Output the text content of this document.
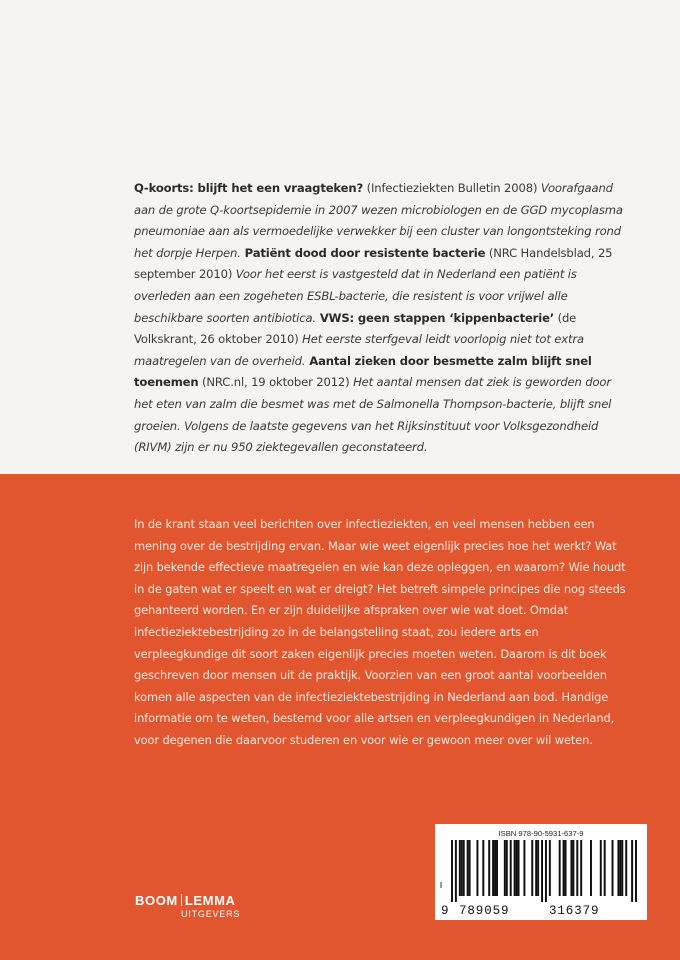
Q-koorts: blijft het een vraagteken? (Infectieziekten Bulletin 2008) Voorafgaand aan de grote Q-koortsepidemie in 2007 wezen microbiologen en de GGD mycoplasma pneumoniae aan als vermoedelijke verwekker bij een cluster van longontsteking rond het dorpje Herpen. Patiënt dood door resistente bacterie (NRC Handelsblad, 25 september 2010) Voor het eerst is vastgesteld dat in Nederland een patiënt is overleden aan een zogeheten ESBL-bacterie, die resistent is voor vrijwel alle beschikbare soorten antibiotica. VWS: geen stappen ‘kippenbacterie’ (de Volkskrant, 26 oktober 2010) Het eerste sterfgeval leidt voorlopig niet tot extra maatregelen van de overheid. Aantal zieken door besmette zalm blijft snel toenemen (NRC.nl, 19 oktober 2012) Het aantal mensen dat ziek is geworden door het eten van zalm die besmet was met de Salmonella Thompson-bacterie, blijft snel groeien. Volgens de laatste gegevens van het Rijksinstituut voor Volksgezondheid (RIVM) zijn er nu 950 ziektegevallen geconstateerd.
In de krant staan veel berichten over infectieziekten, en veel mensen hebben een mening over de bestrijding ervan. Maar wie weet eigenlijk precies hoe het werkt? Wat zijn bekende effectieve maatregelen en wie kan deze opleggen, en waarom? Wie houdt in de gaten wat er speelt en wat er dreigt? Het betreft simpele principes die nog steeds gehanteerd worden. En er zijn duidelijke afspraken over wie wat doet. Omdat infectieziektebestrijding zo in de belangstelling staat, zou iedere arts en verpleegkundige dit soort zaken eigenlijk precies moeten weten. Daarom is dit boek geschreven door mensen uit de praktijk. Voorzien van een groot aantal voorbeelden komen alle aspecten van de infectieziektebestrijding in Nederland aan bod. Handige informatie om te weten, bestemd voor alle artsen en verpleegkundigen in Nederland, voor degenen die daarvoor studeren en voor wie er gewoon meer over wil weten.
BOOM LEMMA
UITGEVERS
ISBN 978-90-5931-637-9
9 789059	316379
